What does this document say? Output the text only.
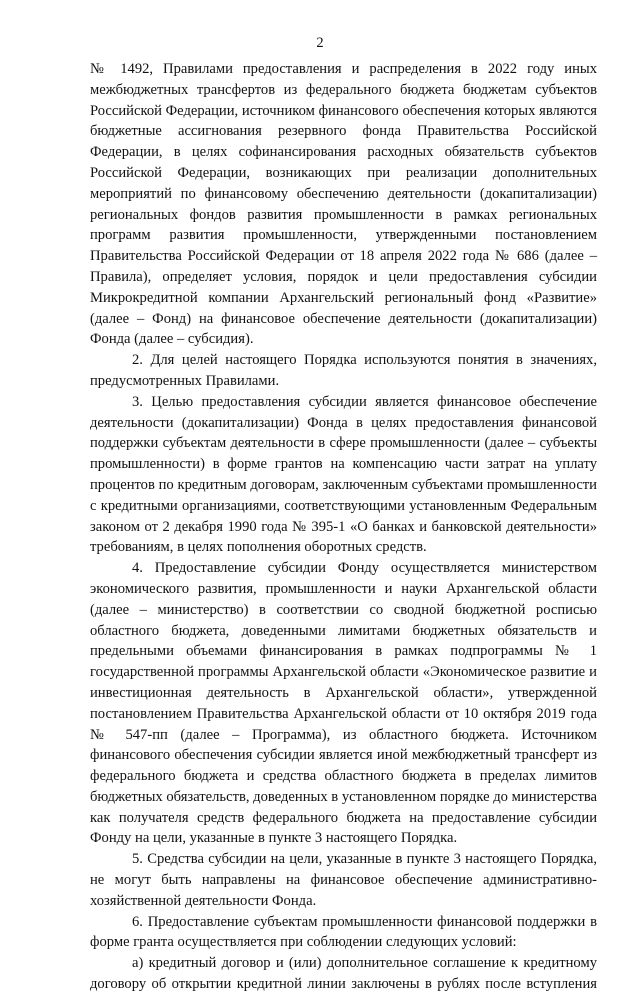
2

№ 1492, Правилами предоставления и распределения в 2022 году иных межбюджетных трансфертов из федерального бюджета бюджетам субъектов Российской Федерации, источником финансового обеспечения которых являются бюджетные ассигнования резервного фонда Правительства Российской Федерации, в целях софинансирования расходных обязательств субъектов Российской Федерации, возникающих при реализации дополнительных мероприятий по финансовому обеспечению деятельности (докапитализации) региональных фондов развития промышленности в рамках региональных программ развития промышленности, утвержденными постановлением Правительства Российской Федерации от 18 апреля 2022 года № 686 (далее – Правила), определяет условия, порядок и цели предоставления субсидии Микрокредитной компании Архангельский региональный фонд «Развитие» (далее – Фонд) на финансовое обеспечение деятельности (докапитализации) Фонда (далее – субсидия).

2. Для целей настоящего Порядка используются понятия в значениях, предусмотренных Правилами.

3. Целью предоставления субсидии является финансовое обеспечение деятельности (докапитализации) Фонда в целях предоставления финансовой поддержки субъектам деятельности в сфере промышленности (далее – субъекты промышленности) в форме грантов на компенсацию части затрат на уплату процентов по кредитным договорам, заключенным субъектами промышленности с кредитными организациями, соответствующими установленным Федеральным законом от 2 декабря 1990 года № 395-1 «О банках и банковской деятельности» требованиям, в целях пополнения оборотных средств.

4. Предоставление субсидии Фонду осуществляется министерством экономического развития, промышленности и науки Архангельской области (далее – министерство) в соответствии со сводной бюджетной росписью областного бюджета, доведенными лимитами бюджетных обязательств и предельными объемами финансирования в рамках подпрограммы № 1 государственной программы Архангельской области «Экономическое развитие и инвестиционная деятельность в Архангельской области», утвержденной постановлением Правительства Архангельской области от 10 октября 2019 года № 547-пп (далее – Программа), из областного бюджета. Источником финансового обеспечения субсидии является иной межбюджетный трансферт из федерального бюджета и средства областного бюджета в пределах лимитов бюджетных обязательств, доведенных в установленном порядке до министерства как получателя средств федерального бюджета на предоставление субсидии Фонду на цели, указанные в пункте 3 настоящего Порядка.

5. Средства субсидии на цели, указанные в пункте 3 настоящего Порядка, не могут быть направлены на финансовое обеспечение административно-хозяйственной деятельности Фонда.

6. Предоставление субъектам промышленности финансовой поддержки в форме гранта осуществляется при соблюдении следующих условий:

а) кредитный договор и (или) дополнительное соглашение к кредитному договору об открытии кредитной линии заключены в рублях после вступления
